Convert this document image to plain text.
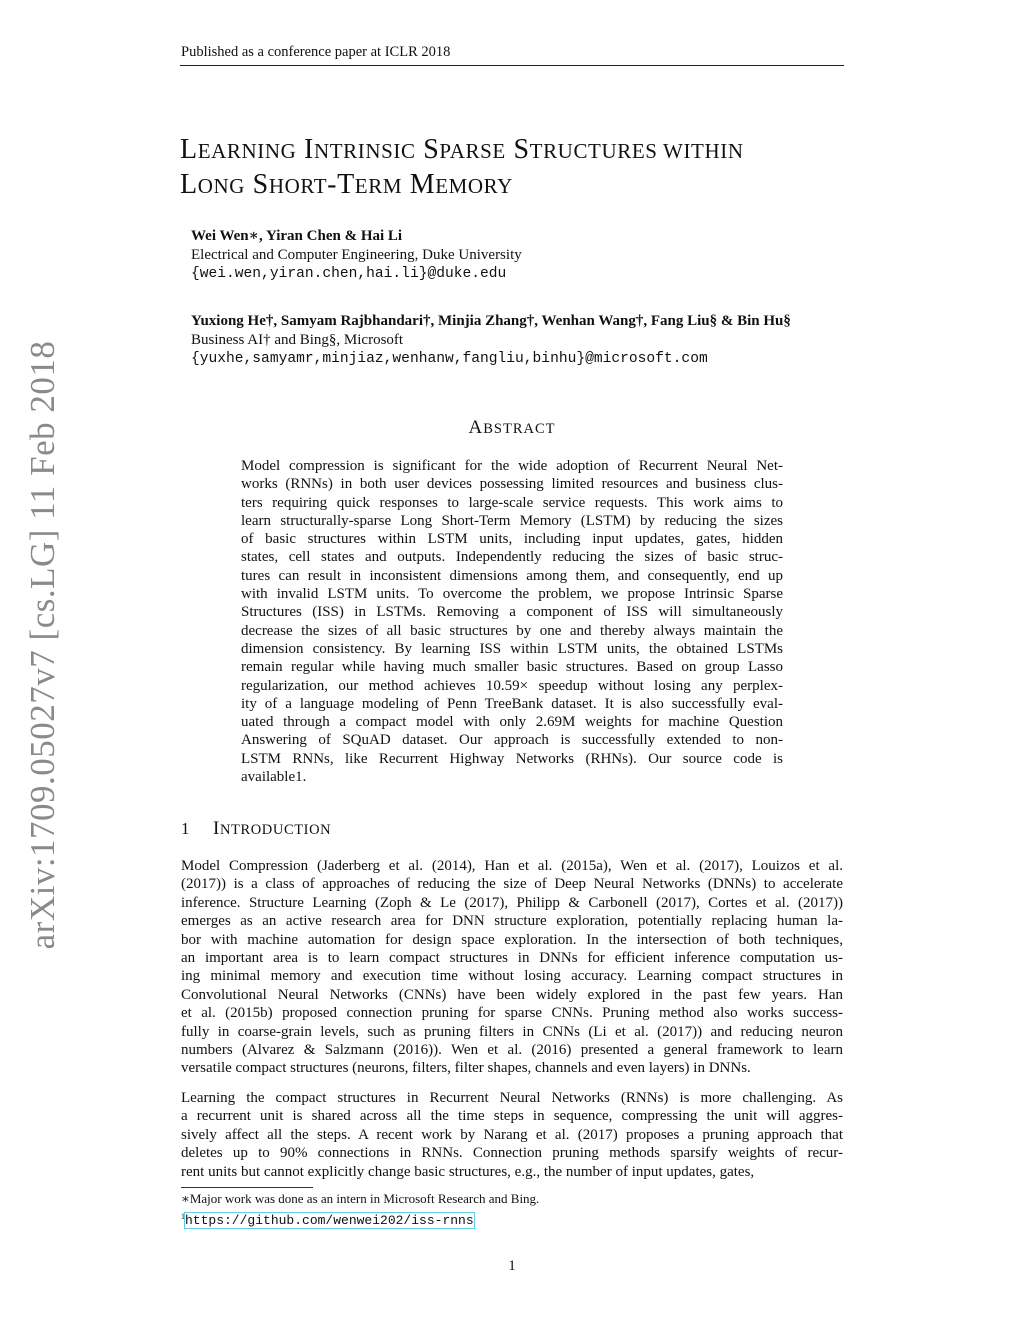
Published as a conference paper at ICLR 2018
arXiv:1709.05027v7 [cs.LG] 11 Feb 2018
LEARNING INTRINSIC SPARSE STRUCTURES WITHIN
LONG SHORT-TERM MEMORY
Wei Wen∗, Yiran Chen & Hai Li
Electrical and Computer Engineering, Duke University
{wei.wen,yiran.chen,hai.li}@duke.edu
Yuxiong He†, Samyam Rajbhandari†, Minjia Zhang†, Wenhan Wang†, Fang Liu§ & Bin Hu§
Business AI† and Bing§, Microsoft
{yuxhe,samyamr,minjiaz,wenhanw,fangliu,binhu}@microsoft.com
ABSTRACT
Model compression is significant for the wide adoption of Recurrent Neural Net-
works (RNNs) in both user devices possessing limited resources and business clus-
ters requiring quick responses to large-scale service requests. This work aims to
learn structurally-sparse Long Short-Term Memory (LSTM) by reducing the sizes
of basic structures within LSTM units, including input updates, gates, hidden
states, cell states and outputs. Independently reducing the sizes of basic struc-
tures can result in inconsistent dimensions among them, and consequently, end up
with invalid LSTM units. To overcome the problem, we propose Intrinsic Sparse
Structures (ISS) in LSTMs. Removing a component of ISS will simultaneously
decrease the sizes of all basic structures by one and thereby always maintain the
dimension consistency. By learning ISS within LSTM units, the obtained LSTMs
remain regular while having much smaller basic structures. Based on group Lasso
regularization, our method achieves 10.59× speedup without losing any perplex-
ity of a language modeling of Penn TreeBank dataset. It is also successfully eval-
uated through a compact model with only 2.69M weights for machine Question
Answering of SQuAD dataset. Our approach is successfully extended to non-
LSTM RNNs, like Recurrent Highway Networks (RHNs). Our source code is
available1.
1 INTRODUCTION
Model Compression (Jaderberg et al. (2014), Han et al. (2015a), Wen et al. (2017), Louizos et al.
(2017)) is a class of approaches of reducing the size of Deep Neural Networks (DNNs) to accelerate
inference. Structure Learning (Zoph & Le (2017), Philipp & Carbonell (2017), Cortes et al. (2017))
emerges as an active research area for DNN structure exploration, potentially replacing human la-
bor with machine automation for design space exploration. In the intersection of both techniques,
an important area is to learn compact structures in DNNs for efficient inference computation us-
ing minimal memory and execution time without losing accuracy. Learning compact structures in
Convolutional Neural Networks (CNNs) have been widely explored in the past few years. Han
et al. (2015b) proposed connection pruning for sparse CNNs. Pruning method also works success-
fully in coarse-grain levels, such as pruning filters in CNNs (Li et al. (2017)) and reducing neuron
numbers (Alvarez & Salzmann (2016)). Wen et al. (2016) presented a general framework to learn
versatile compact structures (neurons, filters, filter shapes, channels and even layers) in DNNs.
Learning the compact structures in Recurrent Neural Networks (RNNs) is more challenging. As
a recurrent unit is shared across all the time steps in sequence, compressing the unit will aggres-
sively affect all the steps. A recent work by Narang et al. (2017) proposes a pruning approach that
deletes up to 90% connections in RNNs. Connection pruning methods sparsify weights of recur-
rent units but cannot explicitly change basic structures, e.g., the number of input updates, gates,
∗Major work was done as an intern in Microsoft Research and Bing.
$^1$https://github.com/wenwei202/iss-rnns
1
